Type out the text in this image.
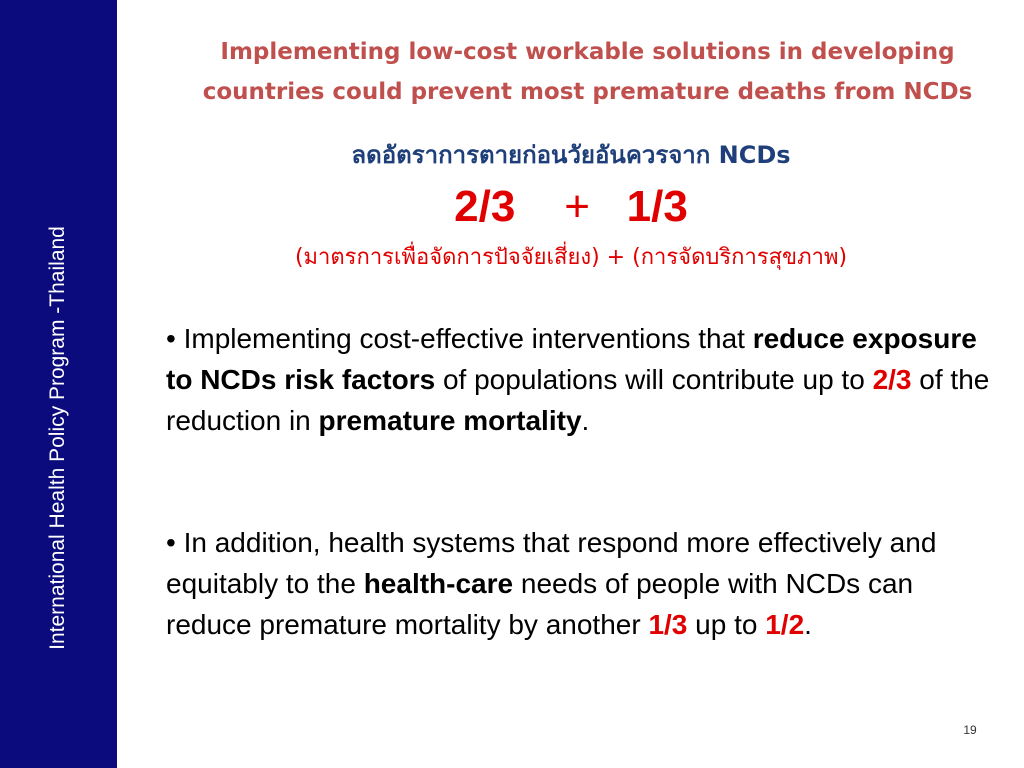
International Health Policy Program -Thailand
Implementing low-cost workable solutions in developing
countries could prevent most premature deaths from NCDs
ลดอัตราการตายก่อนวัยอันควรจาก NCDs
2/3 + 1/3
(มาตรการเพื่อจัดการปัจจัยเสี่ยง) + (การจัดบริการสุขภาพ)
• Implementing cost-effective interventions that reduce exposure to NCDs risk factors of populations will contribute up to 2/3 of the reduction in premature mortality.
• In addition, health systems that respond more effectively and equitably to the health-care needs of people with NCDs can reduce premature mortality by another 1/3 up to 1/2.
19
